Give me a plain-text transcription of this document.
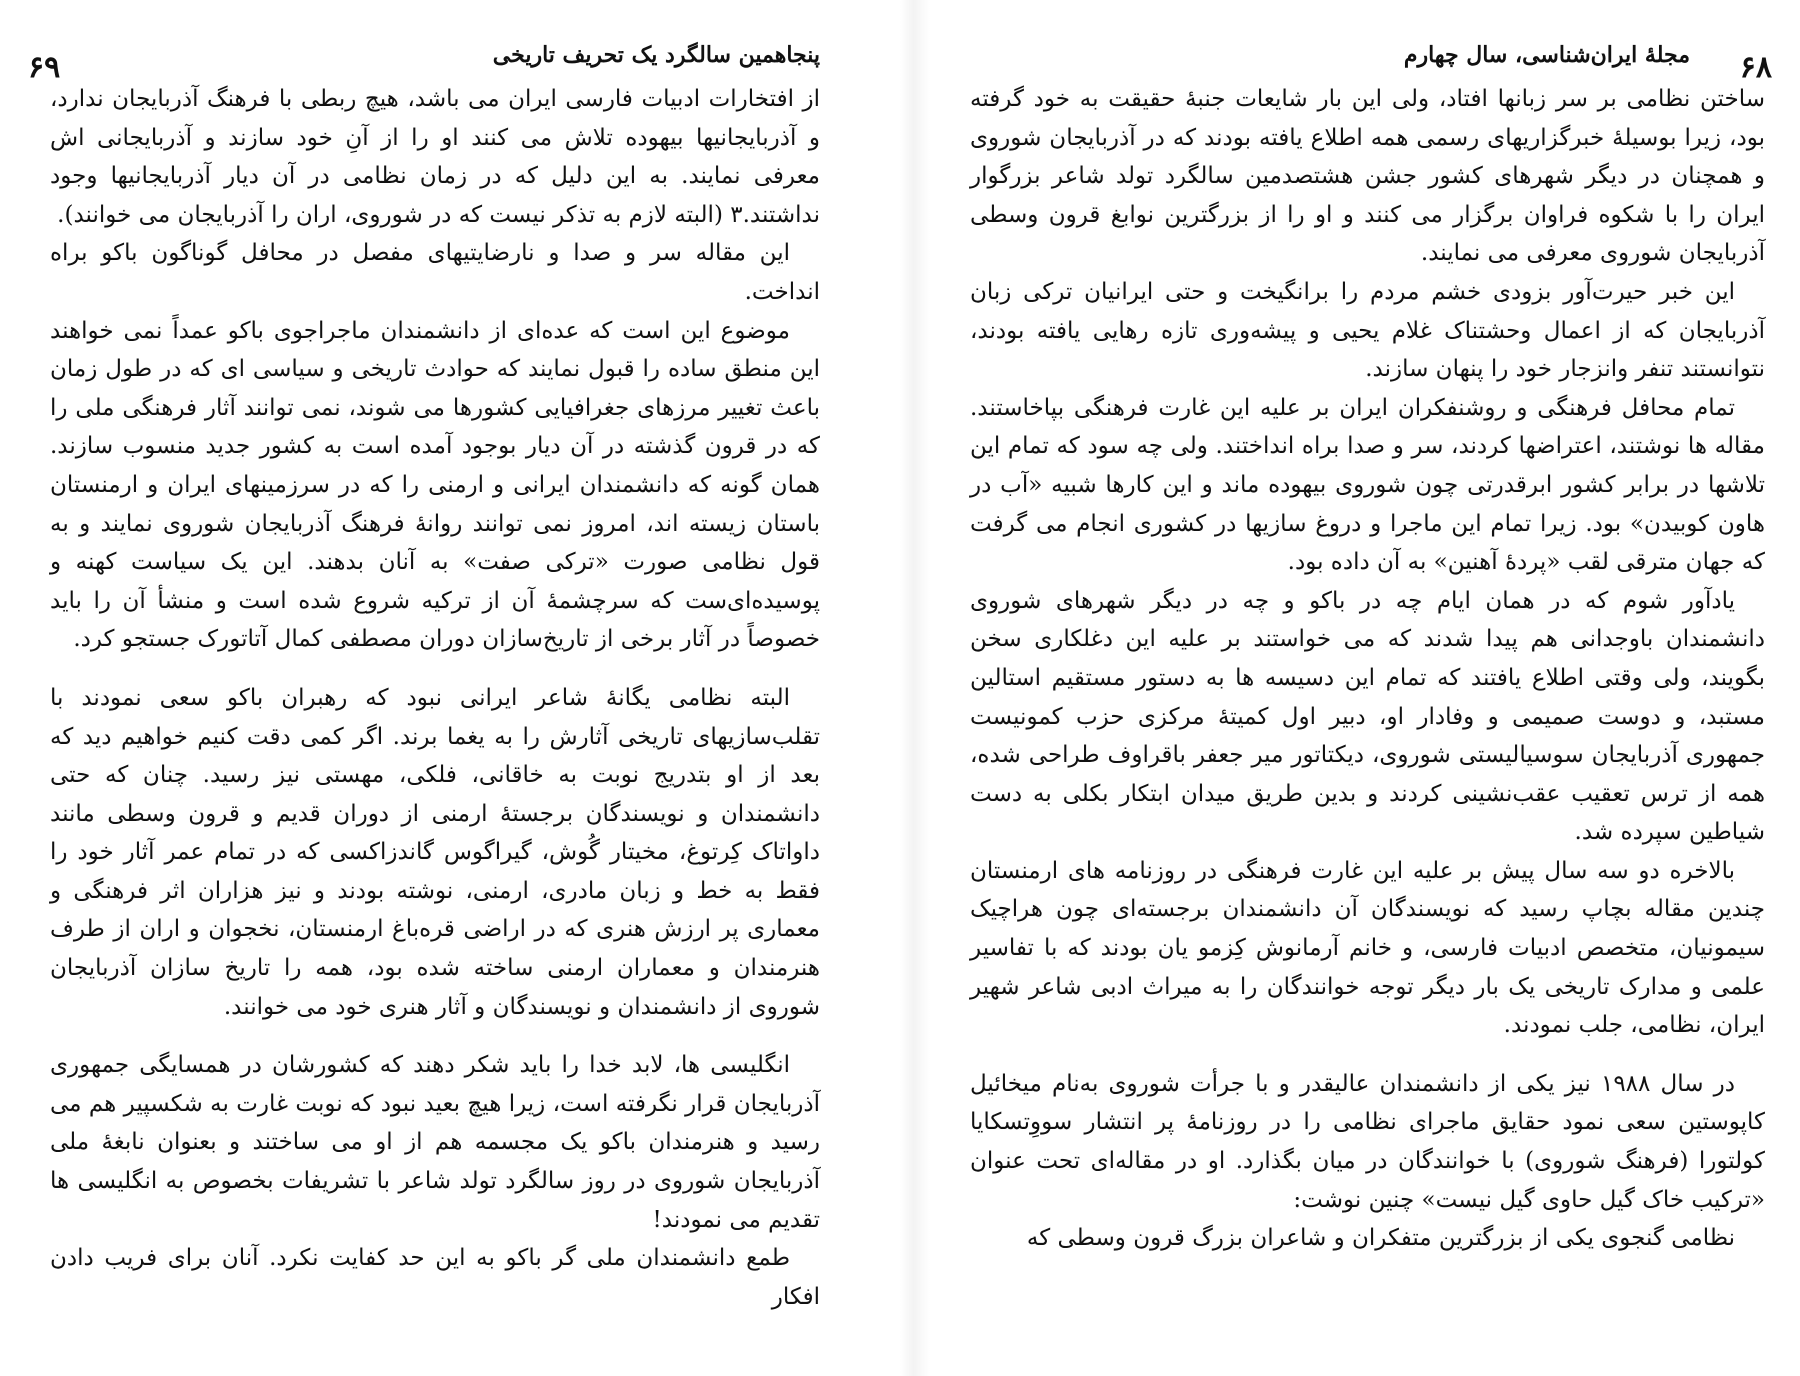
۶۹	پنجاهمین سالگرد یک تحریف تاریخی

از افتخارات ادبیات فارسی ایران می باشد، هیچ ربطی با فرهنگ آذربایجان ندارد، و آذربایجانیها بیهوده تلاش می کنند او را از آنِ خود سازند و آذربایجانی اش معرفی نمایند. به این دلیل که در زمان نظامی در آن دیار آذربایجانیها وجود نداشتند.۳ (البته لازم به تذکر نیست که در شوروی، اران را آذربایجان می خوانند).

این مقاله سر و صدا و نارضایتیهای مفصل در محافل گوناگون باکو براه انداخت.

موضوع این است که عده‌ای از دانشمندان ماجراجوی باکو عمداً نمی خواهند این منطق ساده را قبول نمایند که حوادث تاریخی و سیاسی ای که در طول زمان باعث تغییر مرزهای جغرافیایی کشورها می شوند، نمی توانند آثار فرهنگی ملی را که در قرون گذشته در آن دیار بوجود آمده است به کشور جدید منسوب سازند. همان گونه که دانشمندان ایرانی و ارمنی را که در سرزمینهای ایران و ارمنستان باستان زیسته اند، امروز نمی توانند روانهٔ فرهنگ آذربایجان شوروی نمایند و به قول نظامی صورت «ترکی صفت» به آنان بدهند. این یک سیاست کهنه و پوسیده‌ای‌ست که سرچشمهٔ آن از ترکیه شروع شده است و منشأ آن را باید خصوصاً در آثار برخی از تاریخ‌سازان دوران مصطفی کمال آتاتورک جستجو کرد.

البته نظامی یگانهٔ شاعر ایرانی نبود که رهبران باکو سعی نمودند با تقلب‌سازیهای تاریخی آثارش را به یغما برند. اگر کمی دقت کنیم خواهیم دید که بعد از او بتدریج نوبت به خاقانی، فلکی، مهستی نیز رسید. چنان که حتی دانشمندان و نویسندگان برجستهٔ ارمنی از دوران قدیم و قرون وسطی مانند داواتاک کِرتوغ، مخیتار گُوش، گیراگوس گاندزاکسی که در تمام عمر آثار خود را فقط به خط و زبان مادری، ارمنی، نوشته بودند و نیز هزاران اثر فرهنگی و معماری پر ارزش هنری که در اراضی قره‌باغ ارمنستان، نخجوان و اران از طرف هنرمندان و معماران ارمنی ساخته شده بود، همه را تاریخ سازان آذربایجان شوروی از دانشمندان و نویسندگان و آثار هنری خود می خوانند.

انگلیسی ها، لابد خدا را باید شکر دهند که کشورشان در همسایگی جمهوری آذربایجان قرار نگرفته است، زیرا هیچ بعید نبود که نوبت غارت به شکسپیر هم می رسید و هنرمندان باکو یک مجسمه هم از او می ساختند و بعنوان نابغهٔ ملی آذربایجان شوروی در روز سالگرد تولد شاعر با تشریفات بخصوص به انگلیسی ها تقدیم می نمودند!

طمع دانشمندان ملی گر باکو به این حد کفایت نکرد. آنان برای فریب دادن افکار

۶۸
مجلهٔ ایران‌شناسی، سال چهارم

ساختن نظامی بر سر زبانها افتاد، ولی این بار شایعات جنبهٔ حقیقت به خود گرفته بود، زیرا بوسیلهٔ خبرگزاریهای رسمی همه اطلاع یافته بودند که در آذربایجان شوروی و همچنان در دیگر شهرهای کشور جشن هشتصدمین سالگرد تولد شاعر بزرگوار ایران را با شکوه فراوان برگزار می کنند و او را از بزرگترین نوابغ قرون وسطی آذربایجان شوروی معرفی می نمایند.

این خبر حیرت‌آور بزودی خشم مردم را برانگیخت و حتی ایرانیان ترکی زبان آذربایجان که از اعمال وحشتناک غلام یحیی و پیشه‌وری تازه رهایی یافته بودند، نتوانستند تنفر وانزجار خود را پنهان سازند.

تمام محافل فرهنگی و روشنفکران ایران بر علیه این غارت فرهنگی بپاخاستند. مقاله ها نوشتند، اعتراضها کردند، سر و صدا براه انداختند. ولی چه سود که تمام این تلاشها در برابر کشور ابرقدرتی چون شوروی بیهوده ماند و این کارها شبیه «آب در هاون کوبیدن» بود. زیرا تمام این ماجرا و دروغ سازیها در کشوری انجام می گرفت که جهان مترقی لقب «پردهٔ آهنین» به آن داده بود.

یادآور شوم که در همان ایام چه در باکو و چه در دیگر شهرهای شوروی دانشمندان باوجدانی هم پیدا شدند که می خواستند بر علیه این دغلکاری سخن بگویند، ولی وقتی اطلاع یافتند که تمام این دسیسه ها به دستور مستقیم استالین مستبد، و دوست صمیمی و وفادار او، دبیر اول کمیتهٔ مرکزی حزب کمونیست جمهوری آذربایجان سوسیالیستی شوروی، دیکتاتور میر جعفر باقراوف طراحی شده، همه از ترس تعقیب عقب‌نشینی کردند و بدین طریق میدان ابتکار بکلی به دست شیاطین سپرده شد.

بالاخره دو سه سال پیش بر علیه این غارت فرهنگی در روزنامه های ارمنستان چندین مقاله بچاپ رسید که نویسندگان آن دانشمندان برجسته‌ای چون هراچیک سیمونیان، متخصص ادبیات فارسی، و خانم آرمانوش کِزمو یان بودند که با تفاسیر علمی و مدارک تاریخی یک بار دیگر توجه خوانندگان را به میراث ادبی شاعر شهیر ایران، نظامی، جلب نمودند.

در سال ۱۹۸۸ نیز یکی از دانشمندان عالیقدر و با جرأت شوروی به‌نام میخائیل کاپوستین سعی نمود حقایق ماجرای نظامی را در روزنامهٔ پر انتشار سووِتسکایا کولتورا (فرهنگ شوروی) با خوانندگان در میان بگذارد. او در مقاله‌ای تحت عنوان «ترکیب خاک گیل حاوی گیل نیست» چنین نوشت:

نظامی گنجوی یکی از بزرگترین متفکران و شاعران بزرگ قرون وسطی که
